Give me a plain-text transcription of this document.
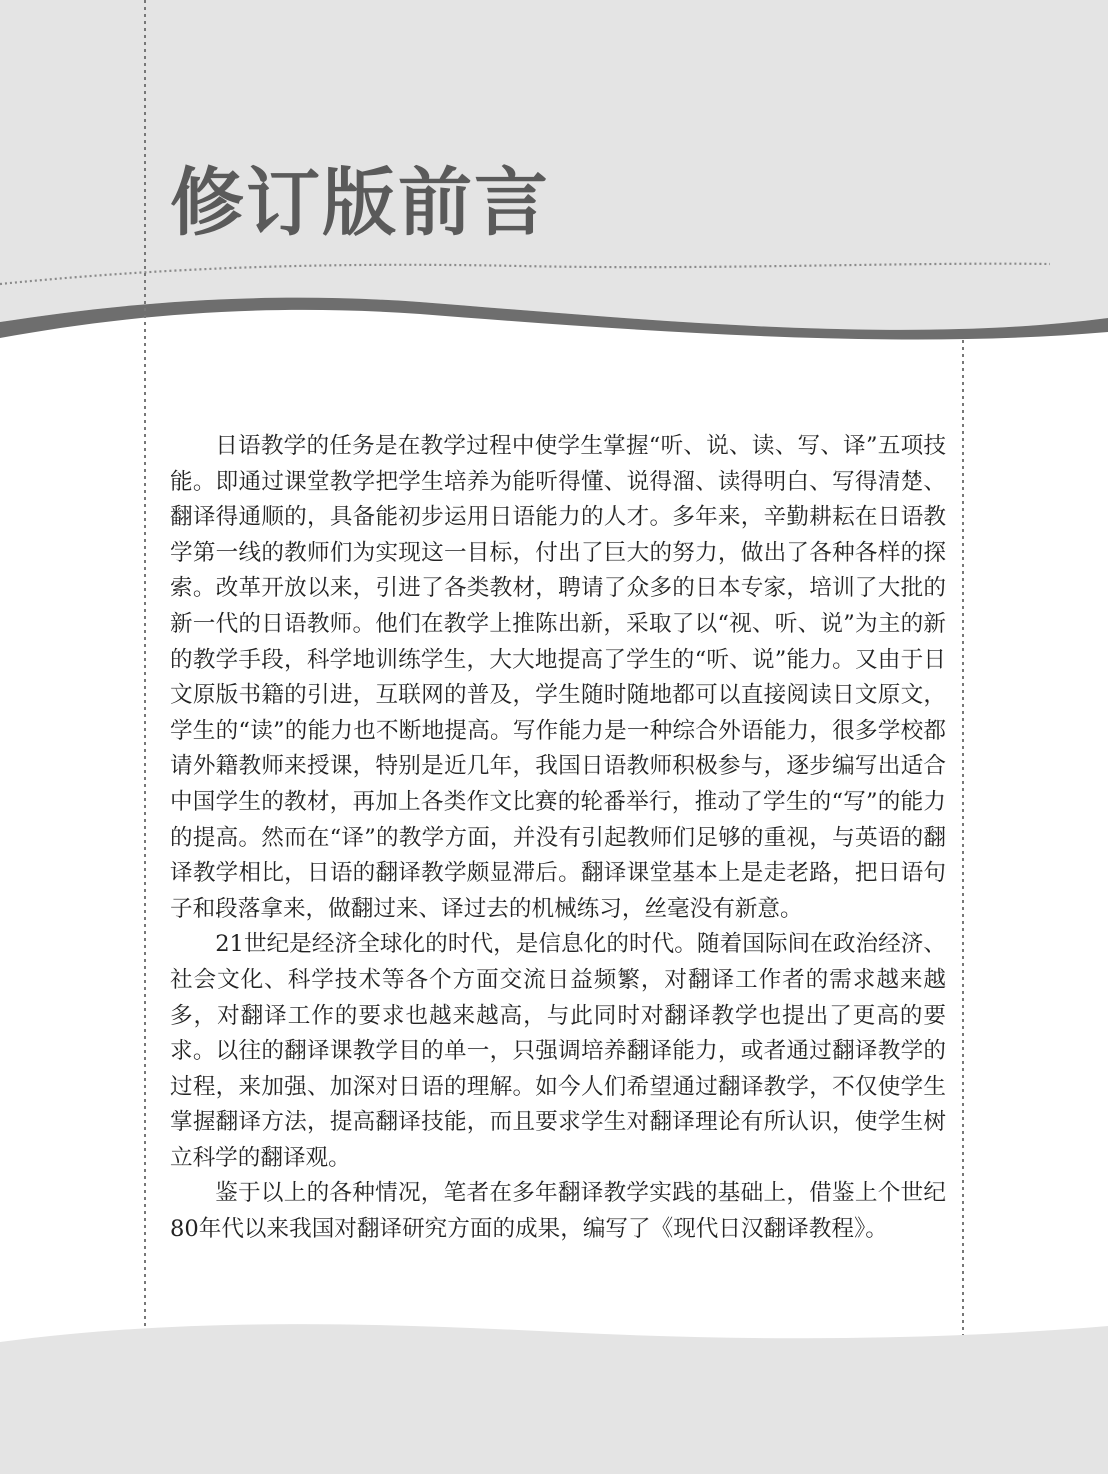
修订版前言

日语教学的任务是在教学过程中使学生掌握“听、说、读、写、译”五项技能。即通过课堂教学把学生培养为能听得懂、说得溜、读得明白、写得清楚、翻译得通顺的，具备能初步运用日语能力的人才。多年来，辛勤耕耘在日语教学第一线的教师们为实现这一目标，付出了巨大的努力，做出了各种各样的探索。改革开放以来，引进了各类教材，聘请了众多的日本专家，培训了大批的新一代的日语教师。他们在教学上推陈出新，采取了以“视、听、说”为主的新的教学手段，科学地训练学生，大大地提高了学生的“听、说”能力。又由于日文原版书籍的引进，互联网的普及，学生随时随地都可以直接阅读日文原文，学生的“读”的能力也不断地提高。写作能力是一种综合外语能力，很多学校都请外籍教师来授课，特别是近几年，我国日语教师积极参与，逐步编写出适合中国学生的教材，再加上各类作文比赛的轮番举行，推动了学生的“写”的能力的提高。然而在“译”的教学方面，并没有引起教师们足够的重视，与英语的翻译教学相比，日语的翻译教学颇显滞后。翻译课堂基本上是走老路，把日语句子和段落拿来，做翻过来、译过去的机械练习，丝毫没有新意。

21世纪是经济全球化的时代，是信息化的时代。随着国际间在政治经济、社会文化、科学技术等各个方面交流日益频繁，对翻译工作者的需求越来越多，对翻译工作的要求也越来越高，与此同时对翻译教学也提出了更高的要求。以往的翻译课教学目的单一，只强调培养翻译能力，或者通过翻译教学的过程，来加强、加深对日语的理解。如今人们希望通过翻译教学，不仅使学生掌握翻译方法，提高翻译技能，而且要求学生对翻译理论有所认识，使学生树立科学的翻译观。

鉴于以上的各种情况，笔者在多年翻译教学实践的基础上，借鉴上个世纪80年代以来我国对翻译研究方面的成果，编写了《现代日汉翻译教程》。
